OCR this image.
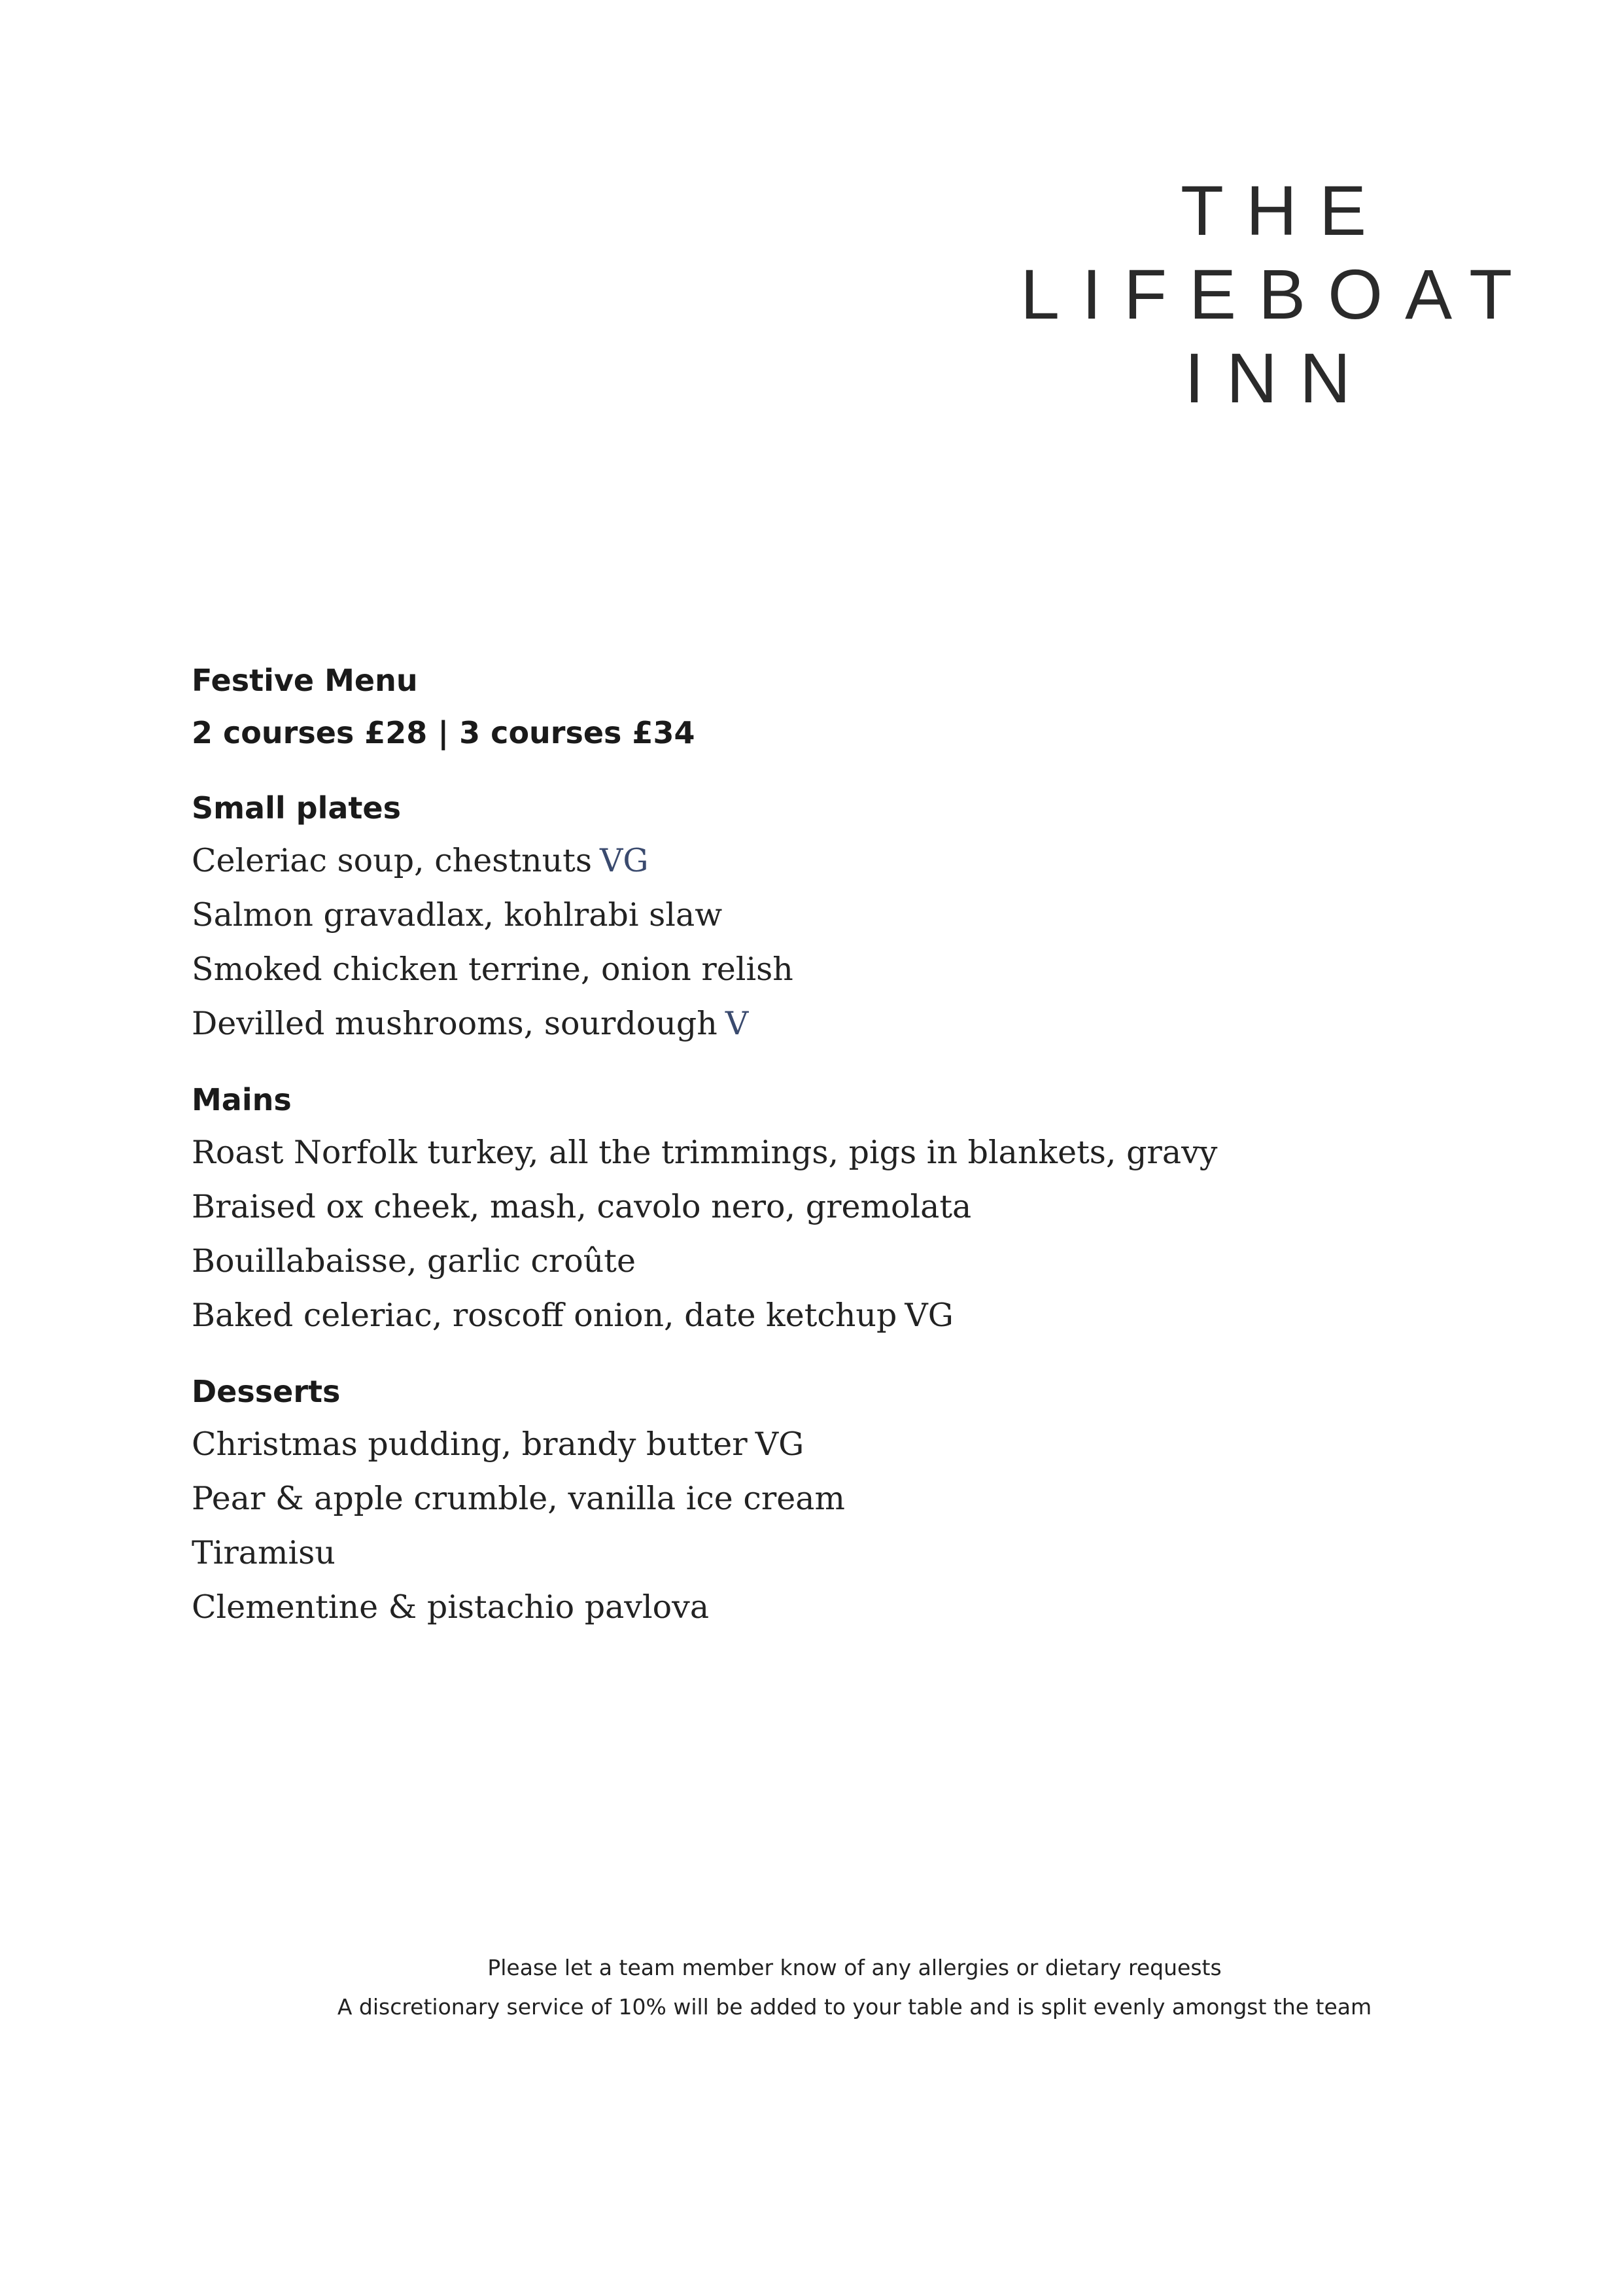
THE
LIFEBOAT
INN
Festive Menu
2 courses £28 | 3 courses £34
Small plates
Celeriac soup, chestnuts VG
Salmon gravadlax, kohlrabi slaw
Smoked chicken terrine, onion relish
Devilled mushrooms, sourdough V
Mains
Roast Norfolk turkey, all the trimmings, pigs in blankets, gravy
Braised ox cheek, mash, cavolo nero, gremolata
Bouillabaisse, garlic croûte
Baked celeriac, roscoff onion, date ketchup VG
Desserts
Christmas pudding, brandy butter VG
Pear & apple crumble, vanilla ice cream
Tiramisu
Clementine & pistachio pavlova
Please let a team member know of any allergies or dietary requests
A discretionary service of 10% will be added to your table and is split evenly amongst the team
